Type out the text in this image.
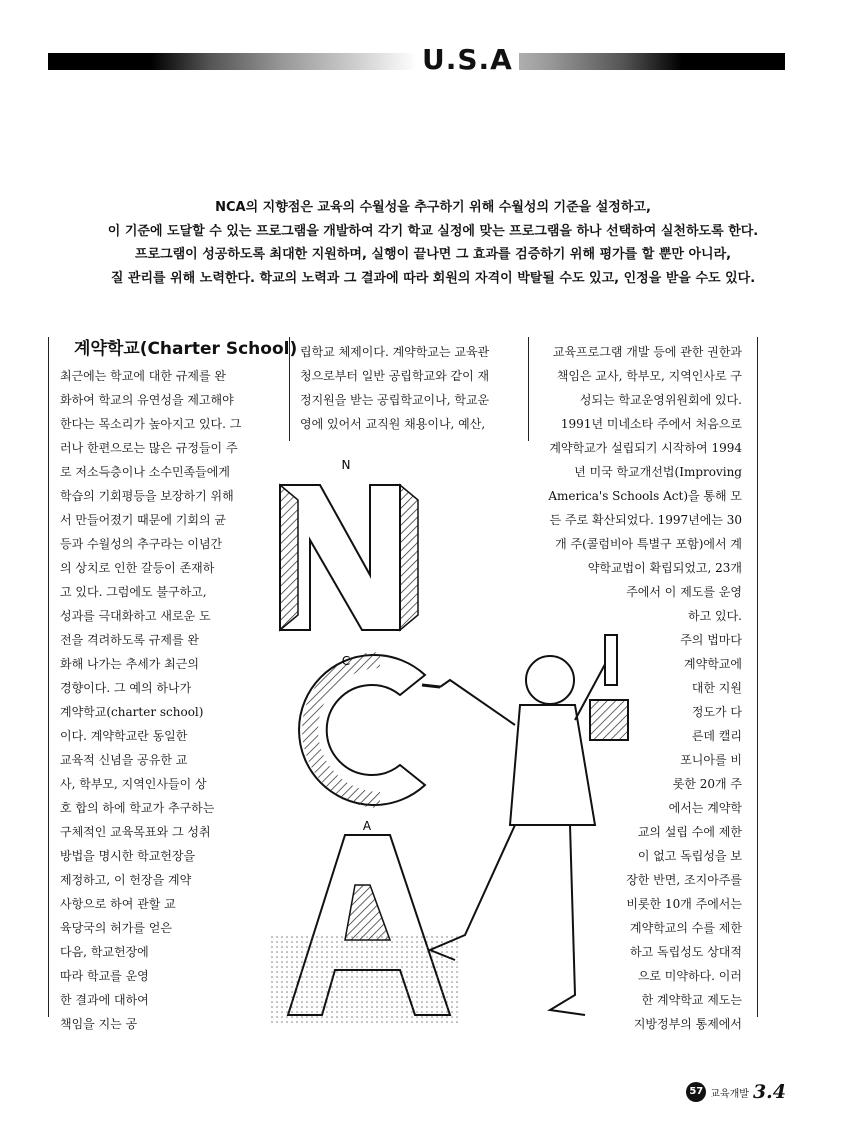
U.S.A
NCA의 지향점은 교육의 수월성을 추구하기 위해 수월성의 기준을 설정하고,
이 기준에 도달할 수 있는 프로그램을 개발하여 각기 학교 실정에 맞는 프로그램을 하나 선택하여 실천하도록 한다.
프로그램이 성공하도록 최대한 지원하며, 실행이 끝나면 그 효과를 검증하기 위해 평가를 할 뿐만 아니라,
질 관리를 위해 노력한다. 학교의 노력과 그 결과에 따라 회원의 자격이 박탈될 수도 있고, 인정을 받을 수도 있다.
계약학교(Charter School)
최근에는 학교에 대한 규제를 완
화하여 학교의 유연성을 제고해야
한다는 목소리가 높아지고 있다. 그
러나 한편으로는 많은 규정들이 주
로 저소득층이나 소수민족들에게
학습의 기회평등을 보장하기 위해
서 만들어졌기 때문에 기회의 균
등과 수월성의 추구라는 이념간
의 상치로 인한 갈등이 존재하
고 있다. 그럼에도 불구하고,
성과를 극대화하고 새로운 도
전을 격려하도록 규제를 완
화해 나가는 추세가 최근의
경향이다. 그 예의 하나가
계약학교(charter school)
이다. 계약학교란 동일한
교육적 신념을 공유한 교
사, 학부모, 지역인사들이 상
호 합의 하에 학교가 추구하는
구체적인 교육목표와 그 성취
방법을 명시한 학교헌장을
제정하고, 이 헌장을 계약
사항으로 하여 관할 교
육당국의 허가를 얻은
다음, 학교헌장에
따라 학교를 운영
한 결과에 대하여
책임을 지는 공
립학교 체제이다. 계약학교는 교육관
청으로부터 일반 공립학교와 같이 재
정지원을 받는 공립학교이나, 학교운
영에 있어서 교직원 채용이나, 예산,
교육프로그램 개발 등에 관한 권한과
책임은 교사, 학부모, 지역인사로 구
성되는 학교운영위원회에 있다.
1991년 미네소타 주에서 처음으로
계약학교가 설립되기 시작하여 1994
년 미국 학교개선법(Improving
America's Schools Act)을 통해 모
든 주로 확산되었다. 1997년에는 30
개 주(콜럼비아 특별구 포함)에서 계
약학교법이 확립되었고, 23개
주에서 이 제도를 운영
하고 있다.
주의 법마다
계약학교에
대한 지원
정도가 다
른데 캘리
포니아를 비
롯한 20개 주
에서는 계약학
교의 설립 수에 제한
이 없고 독립성을 보
장한 반면, 조지아주를
비롯한 10개 주에서는
계약학교의 수를 제한
하고 독립성도 상대적
으로 미약하다. 이러
한 계약학교 제도는
지방정부의 통제에서
N
C
A
57 교육개발 3.4
